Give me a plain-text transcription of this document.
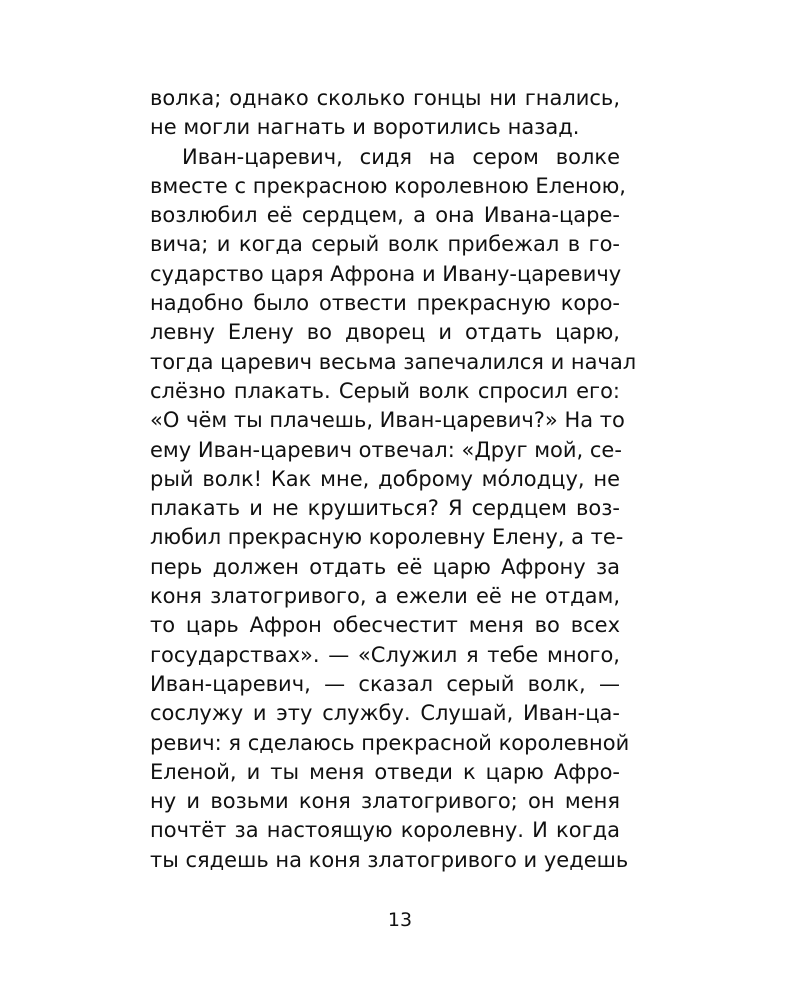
волка; однако сколько гонцы ни гнались,
не могли нагнать и воротились назад.
Иван-царевич, сидя на сером волке
вместе с прекрасною королевною Еленою,
возлюбил её сердцем, а она Ивана-царе-
вича; и когда серый волк прибежал в го-
сударство царя Афрона и Ивану-царевичу
надобно было отвести прекрасную коро-
левну Елену во дворец и отдать царю,
тогда царевич весьма запечалился и начал
слёзно плакать. Серый волк спросил его:
«О чём ты плачешь, Иван-царевич?» На то
ему Иван-царевич отвечал: «Друг мой, се-
рый волк! Как мне, доброму мóлодцу, не
плакать и не крушиться? Я сердцем воз-
любил прекрасную королевну Елену, а те-
перь должен отдать её царю Афрону за
коня златогривого, а ежели её не отдам,
то царь Афрон обесчестит меня во всех
государствах». — «Служил я тебе много,
Иван-царевич, — сказал серый волк, —
сослужу и эту службу. Слушай, Иван-ца-
ревич: я сделаюсь прекрасной королевной
Еленой, и ты меня отведи к царю Афро-
ну и возьми коня златогривого; он меня
почтёт за настоящую королевну. И когда
ты сядешь на коня златогривого и уедешь
13
